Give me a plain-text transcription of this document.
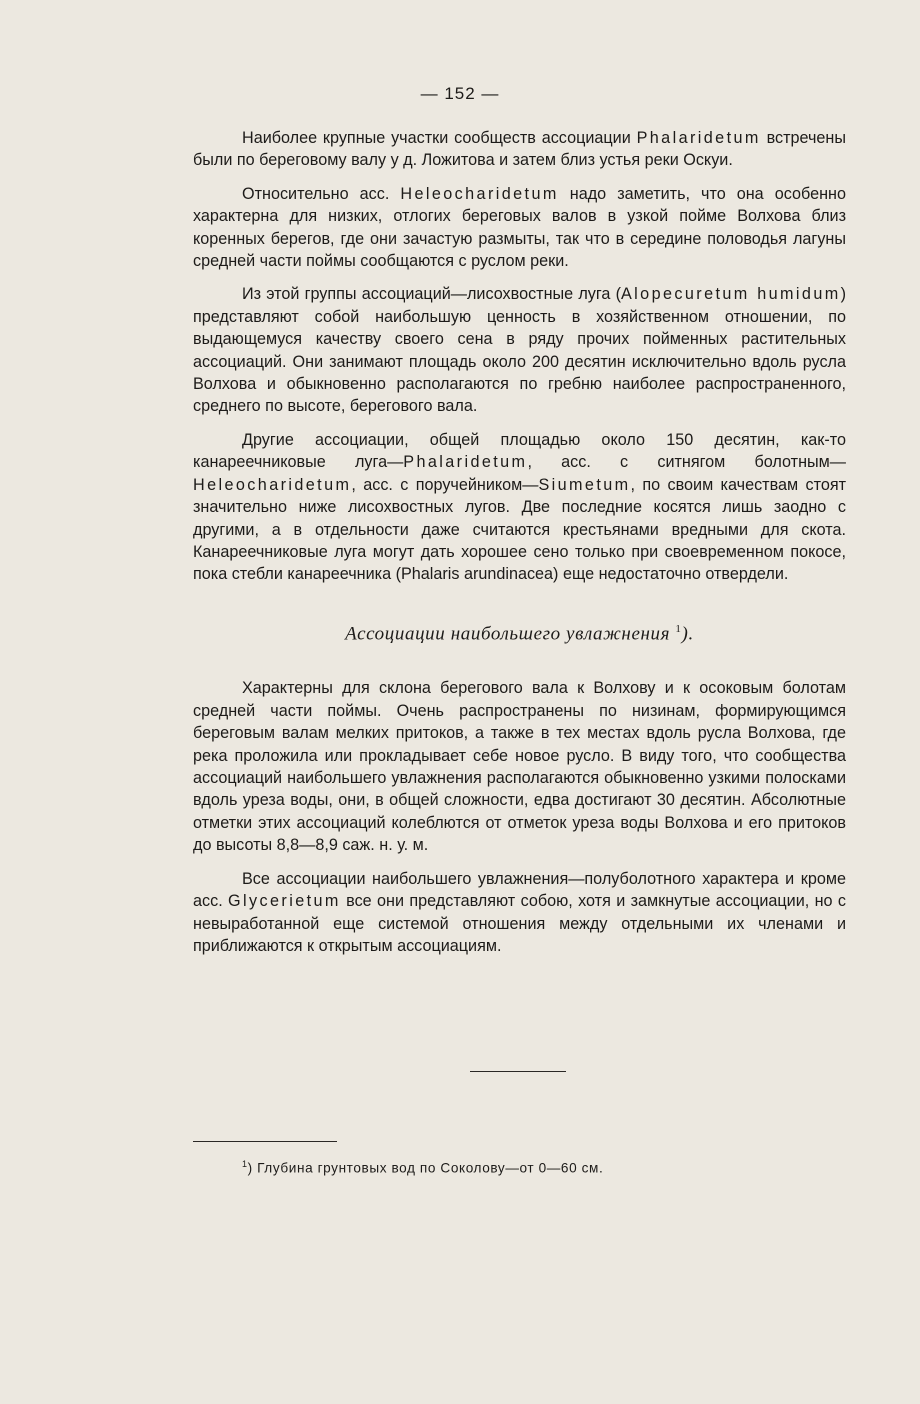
— 152 —

Наиболее крупные участки сообществ ассоциации Phalaridetum встречены были по береговому валу у д. Ложитова и затем близ устья реки Оскуи.

Относительно асс. Heleocharidetum надо заметить, что она особенно характерна для низких, отлогих береговых валов в узкой пойме Волхова близ коренных берегов, где они зачастую размыты, так что в середине половодья лагуны средней части поймы сообщаются с руслом реки.

Из этой группы ассоциаций—лисохвостные луга (Alopecuretum humidum) представляют собой наибольшую ценность в хозяйственном отношении, по выдающемуся качеству своего сена в ряду прочих пойменных растительных ассоциаций. Они занимают площадь около 200 десятин исключительно вдоль русла Волхова и обыкновенно располагаются по гребню наиболее распространенного, среднего по высоте, берегового вала.

Другие ассоциации, общей площадью около 150 десятин, как-то канареечниковые луга—Phalaridetum, асс. с ситнягом болотным— Heleocharidetum, асс. с поручейником—Siumetum, по своим качествам стоят значительно ниже лисохвостных лугов. Две последние косятся лишь заодно с другими, а в отдельности даже считаются крестьянами вредными для скота. Канареечниковые луга могут дать хорошее сено только при своевременном покосе, пока стебли канареечника (Phalaris arundinacea) еще недостаточно отвердели.

Ассоциации наибольшего увлажнения $^1$).

Характерны для склона берегового вала к Волхову и к осоковым болотам средней части поймы. Очень распространены по низинам, формирующимся береговым валам мелких притоков, а также в тех местах вдоль русла Волхова, где река проложила или прокладывает себе новое русло. В виду того, что сообщества ассоциаций наибольшего увлажнения располагаются обыкновенно узкими полосками вдоль уреза воды, они, в общей сложности, едва достигают 30 десятин. Абсолютные отметки этих ассоциаций колеблются от отметок уреза воды Волхова и его притоков до высоты 8,8—8,9 саж. н. у. м.

Все ассоциации наибольшего увлажнения—полуболотного характера и кроме асс. Glycerietum все они представляют собою, хотя и замкнутые ассоциации, но с невыработанной еще системой отношения между отдельными их членами и приближаются к открытым ассоциациям.

$^1$) Глубина грунтовых вод по Соколову—от 0—60 см.
